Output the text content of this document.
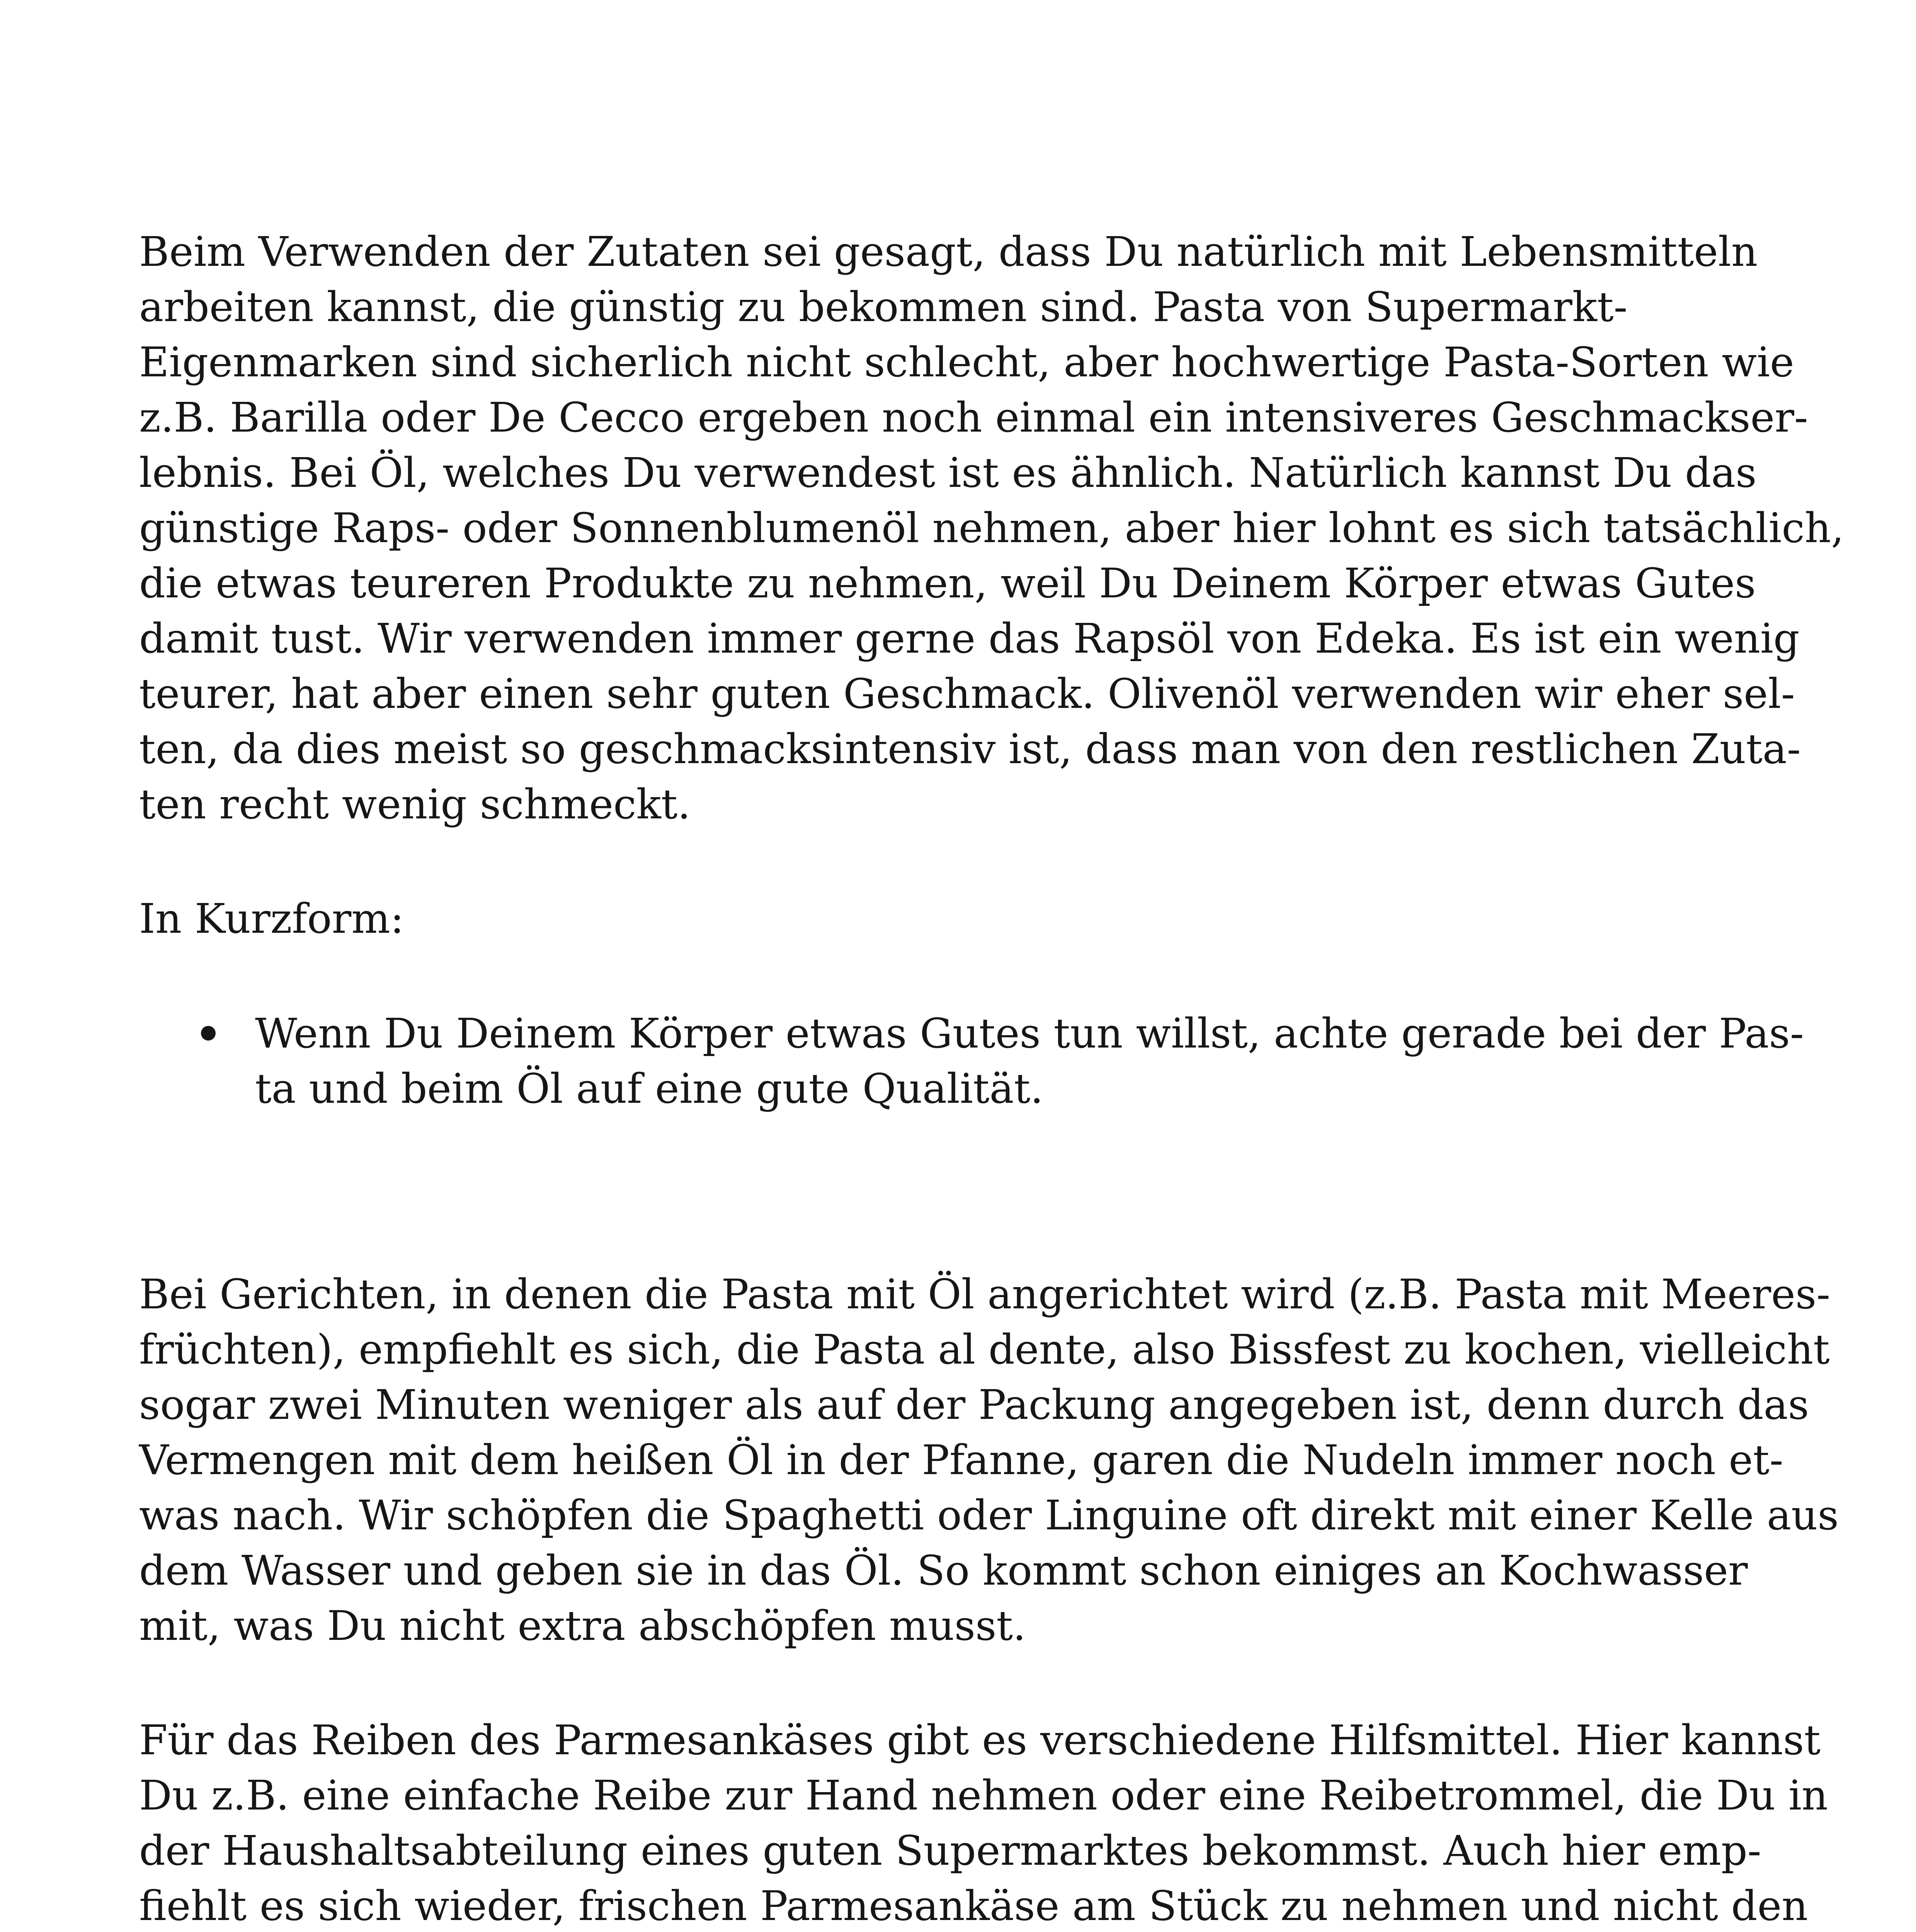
Beim Verwenden der Zutaten sei gesagt, dass Du natürlich mit Lebensmitteln
arbeiten kannst, die günstig zu bekommen sind. Pasta von Supermarkt-
Eigenmarken sind sicherlich nicht schlecht, aber hochwertige Pasta-Sorten wie
z.B. Barilla oder De Cecco ergeben noch einmal ein intensiveres Geschmackser-
lebnis. Bei Öl, welches Du verwendest ist es ähnlich. Natürlich kannst Du das
günstige Raps- oder Sonnenblumenöl nehmen, aber hier lohnt es sich tatsächlich,
die etwas teureren Produkte zu nehmen, weil Du Deinem Körper etwas Gutes
damit tust. Wir verwenden immer gerne das Rapsöl von Edeka. Es ist ein wenig
teurer, hat aber einen sehr guten Geschmack. Olivenöl verwenden wir eher sel-
ten, da dies meist so geschmacksintensiv ist, dass man von den restlichen Zuta-
ten recht wenig schmeckt.
In Kurzform:
Wenn Du Deinem Körper etwas Gutes tun willst, achte gerade bei der Pas-
ta und beim Öl auf eine gute Qualität.
Bei Gerichten, in denen die Pasta mit Öl angerichtet wird (z.B. Pasta mit Meeres-
früchten), empfiehlt es sich, die Pasta al dente, also Bissfest zu kochen, vielleicht
sogar zwei Minuten weniger als auf der Packung angegeben ist, denn durch das
Vermengen mit dem heißen Öl in der Pfanne, garen die Nudeln immer noch et-
was nach. Wir schöpfen die Spaghetti oder Linguine oft direkt mit einer Kelle aus
dem Wasser und geben sie in das Öl. So kommt schon einiges an Kochwasser
mit, was Du nicht extra abschöpfen musst.
Für das Reiben des Parmesankäses gibt es verschiedene Hilfsmittel. Hier kannst
Du z.B. eine einfache Reibe zur Hand nehmen oder eine Reibetrommel, die Du in
der Haushaltsabteilung eines guten Supermarktes bekommst. Auch hier emp-
fiehlt es sich wieder, frischen Parmesankäse am Stück zu nehmen und nicht den
